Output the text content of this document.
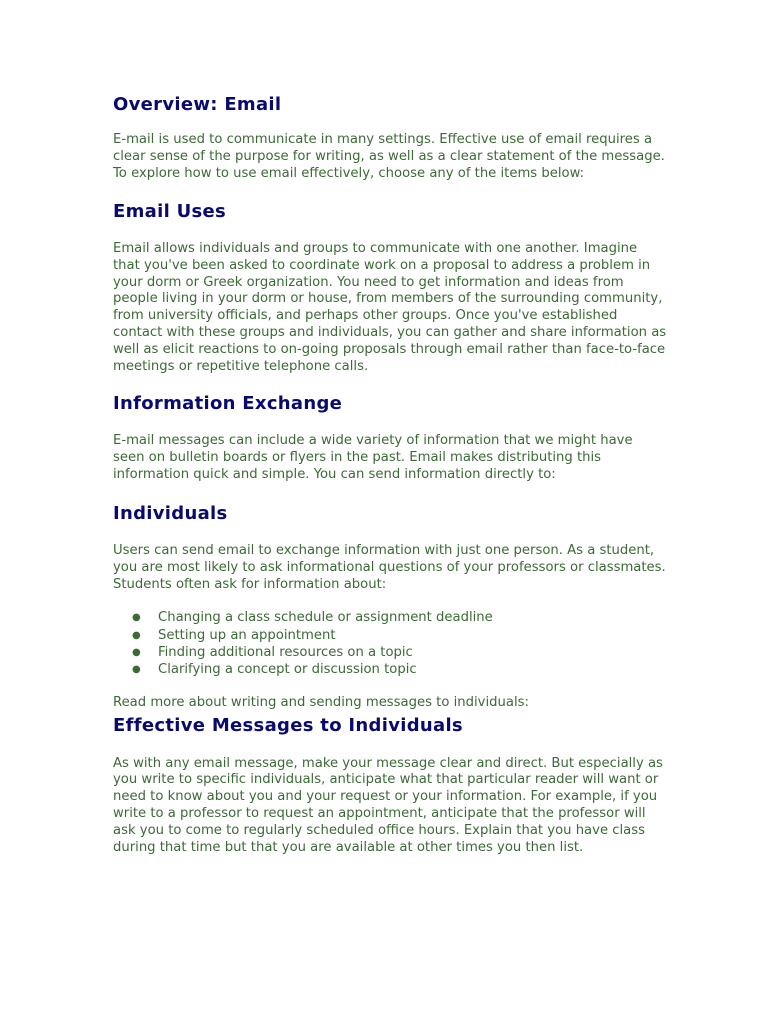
Overview: Email

E-mail is used to communicate in many settings. Effective use of email requires a clear sense of the purpose for writing, as well as a clear statement of the message. To explore how to use email effectively, choose any of the items below:

Email Uses

Email allows individuals and groups to communicate with one another. Imagine that you've been asked to coordinate work on a proposal to address a problem in your dorm or Greek organization. You need to get information and ideas from people living in your dorm or house, from members of the surrounding community, from university officials, and perhaps other groups. Once you've established contact with these groups and individuals, you can gather and share information as well as elicit reactions to on-going proposals through email rather than face-to-face meetings or repetitive telephone calls.

Information Exchange

E-mail messages can include a wide variety of information that we might have seen on bulletin boards or flyers in the past. Email makes distributing this information quick and simple. You can send information directly to:

Individuals

Users can send email to exchange information with just one person. As a student, you are most likely to ask informational questions of your professors or classmates. Students often ask for information about:

● Changing a class schedule or assignment deadline
● Setting up an appointment
● Finding additional resources on a topic
● Clarifying a concept or discussion topic

Read more about writing and sending messages to individuals:

Effective Messages to Individuals

As with any email message, make your message clear and direct. But especially as you write to specific individuals, anticipate what that particular reader will want or need to know about you and your request or your information. For example, if you write to a professor to request an appointment, anticipate that the professor will ask you to come to regularly scheduled office hours. Explain that you have class during that time but that you are available at other times you then list.
